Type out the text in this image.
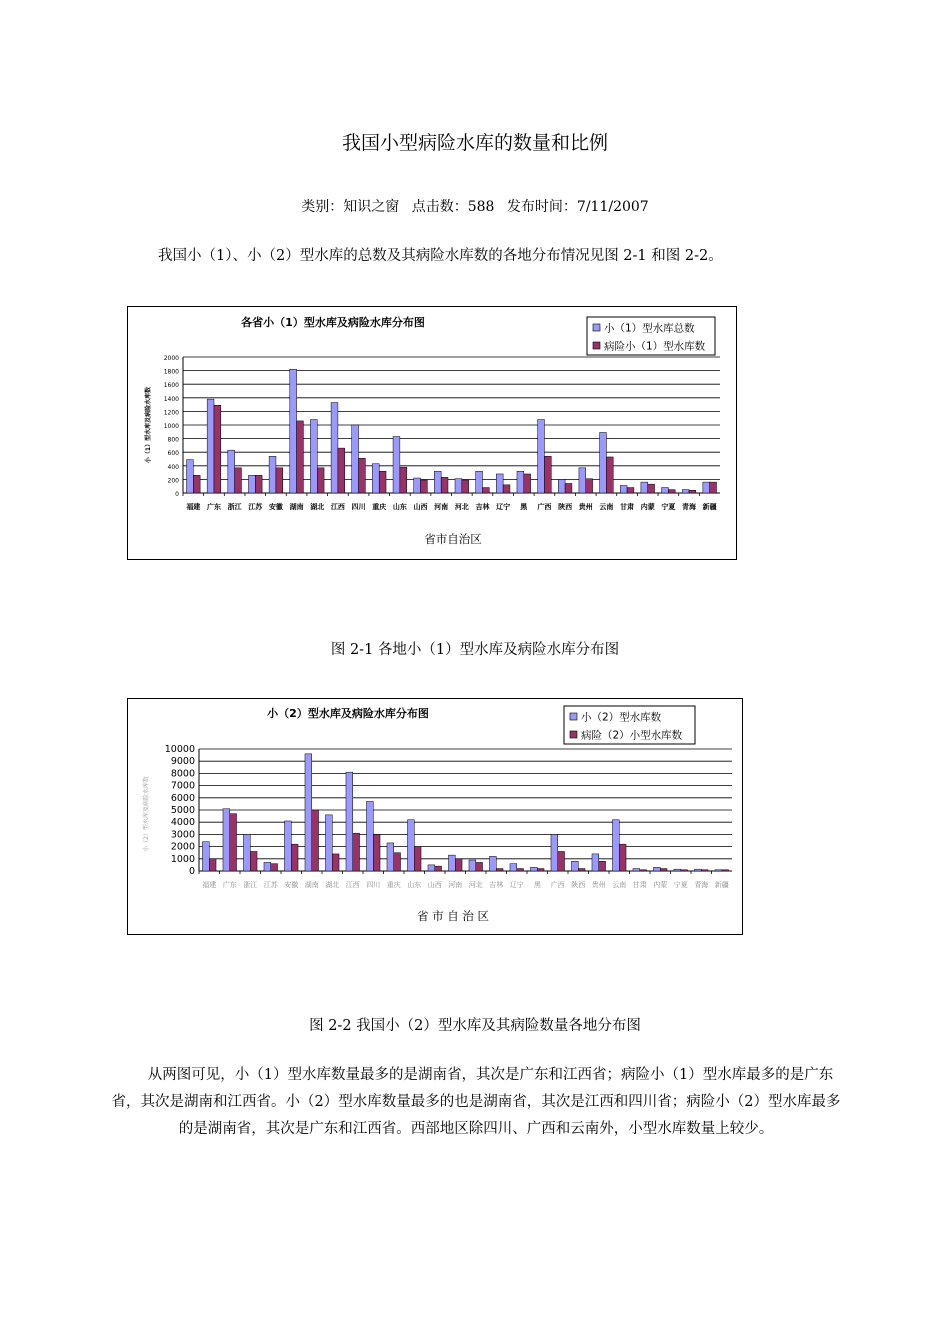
我国小型病险水库的数量和比例
类别：知识之窗 点击数：588 发布时间：7/11/2007
我国小（1）、小（2）型水库的总数及其病险水库数的各地分布情况见图 2-1 和图 2-2。
各省小（1）型水库及病险水库分布图	小（1）型水库总数
病险小（1）型水库数
0
200
400
600
800
1000
1200
1400
1600
1800
2000
福建 广东 浙江 江苏 安徽 湖南 湖北 江西 四川 重庆 山东 山西 河南 河北 吉林 辽宁 黑 广西 陕西 贵州 云南 甘肃 内蒙 宁夏 青海 新疆
省市自治区
小（1）型水库及病险水库数
图 2-1 各地小（1）型水库及病险水库分布图
小（2）型水库及病险水库分布图	小（2）型水库数
病险（2）小型水库数
0
1000
2000
3000
4000
5000
6000
7000
8000
9000
10000
福建 广东 浙江 江苏 安徽 湖南 湖北 江西 四川 重庆 山东 山西 河南 河北 吉林 辽宁 黑 广西 陕西 贵州 云南 甘肃 内蒙 宁夏 青海 新疆
省 市 自 治 区
小（2）型水库及病险水库数
图 2-2 我国小（2）型水库及其病险数量各地分布图
从两图可见，小（1）型水库数量最多的是湖南省，其次是广东和江西省；病险小（1）型水库最多的是广东省，其次是湖南和江西省。小（2）型水库数量最多的也是湖南省，其次是江西和四川省；病险小（2）型水库最多的是湖南省，其次是广东和江西省。西部地区除四川、广西和云南外，小型水库数量上较少。
